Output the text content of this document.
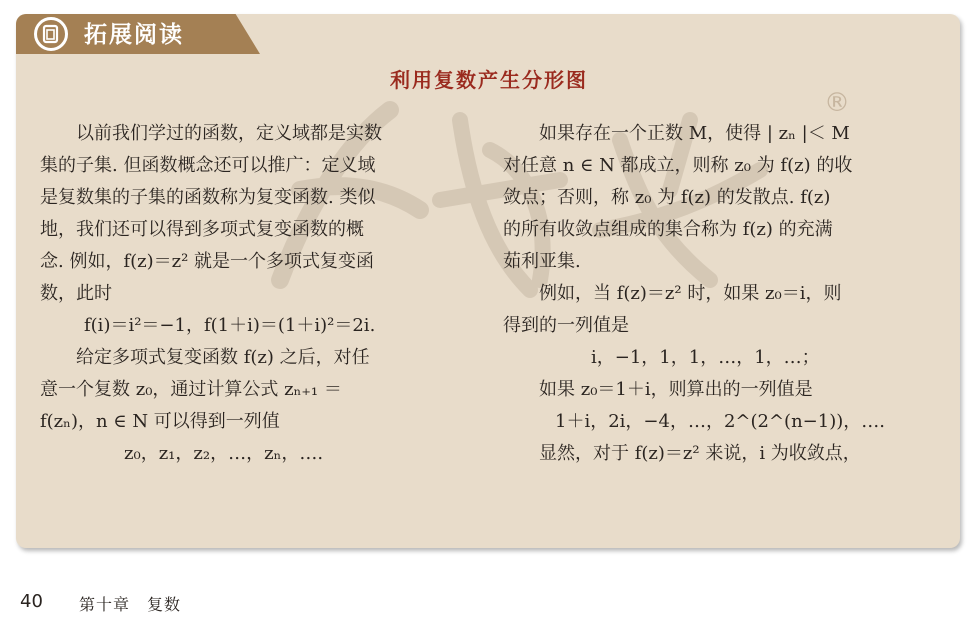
拓展阅读
利用复数产生分形图
®
以前我们学过的函数，定义域都是实数
集的子集. 但函数概念还可以推广：定义域
是复数集的子集的函数称为复变函数. 类似
地，我们还可以得到多项式复变函数的概
念. 例如，f(z)＝z² 就是一个多项式复变函
数，此时
f(i)＝i²＝−1，f(1＋i)＝(1＋i)²＝2i.
给定多项式复变函数 f(z) 之后，对任
意一个复数 z₀，通过计算公式 zₙ₊₁ ＝
f(zₙ)，n ∈ N 可以得到一列值
z₀，z₁，z₂，…，zₙ，….
如果存在一个正数 M，使得 | zₙ |＜ M
对任意 n ∈ N 都成立，则称 z₀ 为 f(z) 的收
敛点；否则，称 z₀ 为 f(z) 的发散点. f(z)
的所有收敛点组成的集合称为 f(z) 的充满
茹利亚集.
例如，当 f(z)＝z² 时，如果 z₀＝i，则
得到的一列值是
i，−1，1，1，…，1，…；
如果 z₀＝1＋i，则算出的一列值是
1＋i，2i，−4，…，2^(2^(n−1))，….
显然，对于 f(z)＝z² 来说，i 为收敛点，
40 第十章　复数
